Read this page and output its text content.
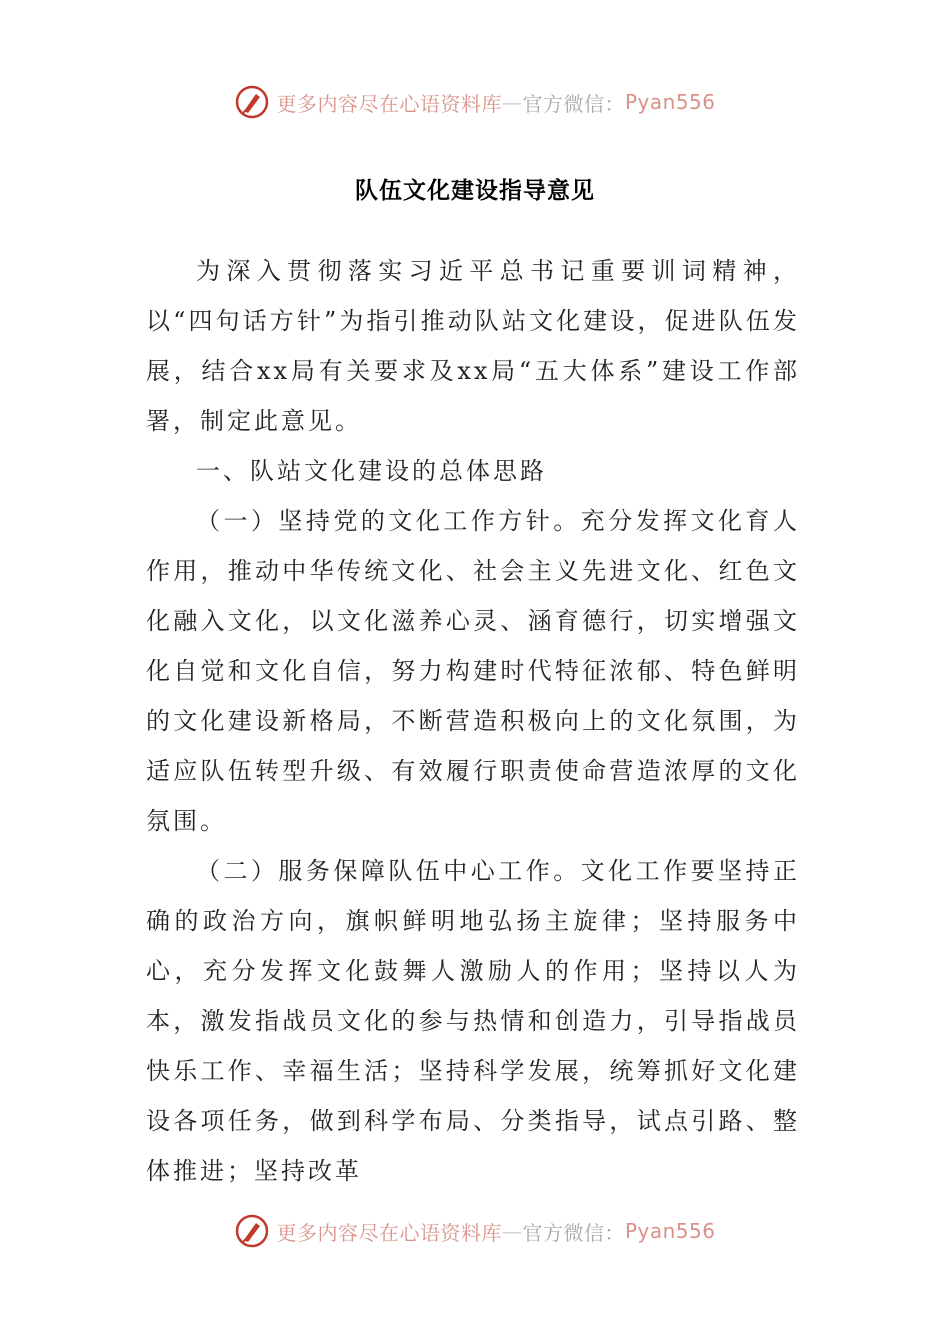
更多内容尽在心语资料库 — 官方微信： Pyan556
队伍文化建设指导意见

为深入贯彻落实习近平总书记重要训词精神，以“四句话方针”为指引推动队站文化建设，促进队伍发展，结合xx局有关要求及xx局“五大体系”建设工作部署，制定此意见。

一、队站文化建设的总体思路

（一）坚持党的文化工作方针。充分发挥文化育人作用，推动中华传统文化、社会主义先进文化、红色文化融入文化，以文化滋养心灵、涵育德行，切实增强文化自觉和文化自信，努力构建时代特征浓郁、特色鲜明的文化建设新格局，不断营造积极向上的文化氛围，为适应队伍转型升级、有效履行职责使命营造浓厚的文化氛围。

（二）服务保障队伍中心工作。文化工作要坚持正确的政治方向，旗帜鲜明地弘扬主旋律；坚持服务中心，充分发挥文化鼓舞人激励人的作用；坚持以人为本，激发指战员文化的参与热情和创造力，引导指战员快乐工作、幸福生活；坚持科学发展，统筹抓好文化建设各项任务，做到科学布局、分类指导，试点引路、整体推进；坚持改革

更多内容尽在心语资料库 — 官方微信： Pyan556
